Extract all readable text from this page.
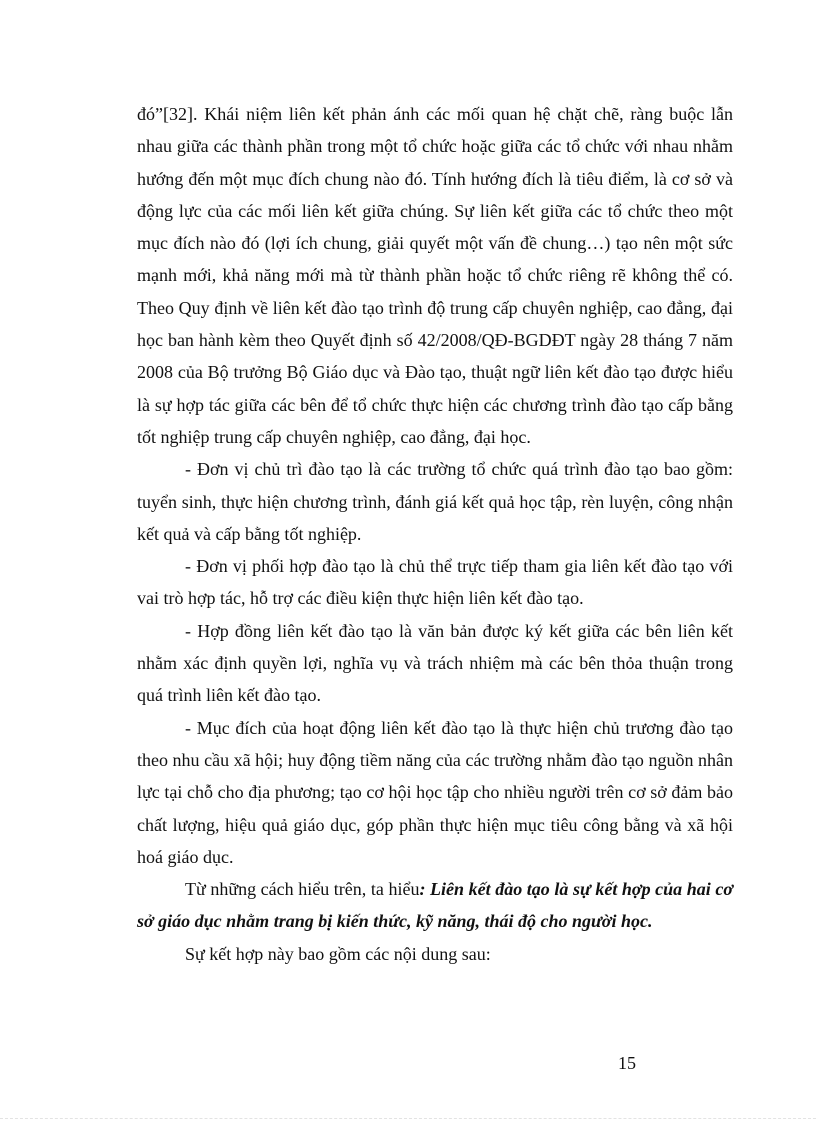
đó”[32]. Khái niệm liên kết phản ánh các mối quan hệ chặt chẽ, ràng buộc lẫn nhau giữa các thành phần trong một tổ chức hoặc giữa các tổ chức với nhau nhằm hướng đến một mục đích chung nào đó. Tính hướng đích là tiêu điểm, là cơ sở và động lực của các mối liên kết giữa chúng. Sự liên kết giữa các tổ chức theo một mục đích nào đó (lợi ích chung, giải quyết một vấn đề chung…) tạo nên một sức mạnh mới, khả năng mới mà từ thành phần hoặc tổ chức riêng rẽ không thể có. Theo Quy định về liên kết đào tạo trình độ trung cấp chuyên nghiệp, cao đẳng, đại học ban hành kèm theo Quyết định số 42/2008/QĐ-BGDĐT ngày 28 tháng 7 năm 2008 của Bộ trưởng Bộ Giáo dục và Đào tạo, thuật ngữ liên kết đào tạo được hiểu là sự hợp tác giữa các bên để tổ chức thực hiện các chương trình đào tạo cấp bằng tốt nghiệp trung cấp chuyên nghiệp, cao đẳng, đại học.

- Đơn vị chủ trì đào tạo là các trường tổ chức quá trình đào tạo bao gồm: tuyển sinh, thực hiện chương trình, đánh giá kết quả học tập, rèn luyện, công nhận kết quả và cấp bằng tốt nghiệp.

- Đơn vị phối hợp đào tạo là chủ thể trực tiếp tham gia liên kết đào tạo với vai trò hợp tác, hỗ trợ các điều kiện thực hiện liên kết đào tạo.

- Hợp đồng liên kết đào tạo là văn bản được ký kết giữa các bên liên kết nhằm xác định quyền lợi, nghĩa vụ và trách nhiệm mà các bên thỏa thuận trong quá trình liên kết đào tạo.

- Mục đích của hoạt động liên kết đào tạo là thực hiện chủ trương đào tạo theo nhu cầu xã hội; huy động tiềm năng của các trường nhằm đào tạo nguồn nhân lực tại chỗ cho địa phương; tạo cơ hội học tập cho nhiều người trên cơ sở đảm bảo chất lượng, hiệu quả giáo dục, góp phần thực hiện mục tiêu công bằng và xã hội hoá giáo dục.

Từ những cách hiểu trên, ta hiểu: Liên kết đào tạo là sự kết hợp của hai cơ sở giáo dục nhằm trang bị kiến thức, kỹ năng, thái độ cho người học.

Sự kết hợp này bao gồm các nội dung sau:

15
